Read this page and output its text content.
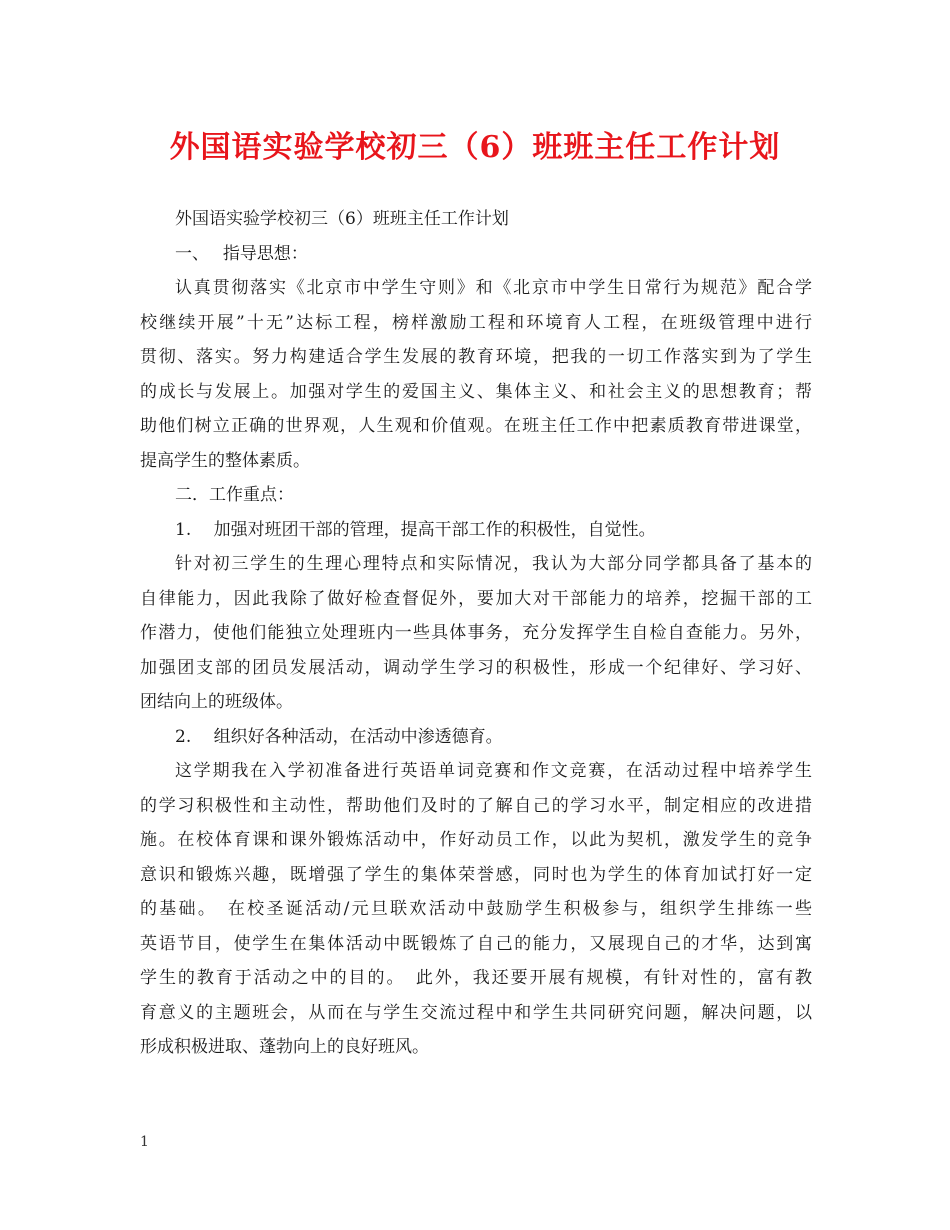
外国语实验学校初三（6）班班主任工作计划
外国语实验学校初三（6）班班主任工作计划
一、　 指导思想：
认真贯彻落实《北京市中学生守则》和《北京市中学生日常行为规范》配合学
校继续开展”十无”达标工程，榜样激励工程和环境育人工程，在班级管理中进行
贯彻、落实。努力构建适合学生发展的教育环境，把我的一切工作落实到为了学生
的成长与发展上。加强对学生的爱国主义、集体主义、和社会主义的思想教育；帮
助他们树立正确的世界观，人生观和价值观。在班主任工作中把素质教育带进课堂，
提高学生的整体素质。
二．工作重点：
1.　 加强对班团干部的管理，提高干部工作的积极性，自觉性。
针对初三学生的生理心理特点和实际情况，我认为大部分同学都具备了基本的
自律能力，因此我除了做好检查督促外，要加大对干部能力的培养，挖掘干部的工
作潜力，使他们能独立处理班内一些具体事务，充分发挥学生自检自查能力。另外，
加强团支部的团员发展活动，调动学生学习的积极性，形成一个纪律好、学习好、
团结向上的班级体。
2.　 组织好各种活动，在活动中渗透德育。
这学期我在入学初准备进行英语单词竞赛和作文竞赛，在活动过程中培养学生
的学习积极性和主动性，帮助他们及时的了解自己的学习水平，制定相应的改进措
施。在校体育课和课外锻炼活动中，作好动员工作，以此为契机，激发学生的竞争
意识和锻炼兴趣，既增强了学生的集体荣誉感，同时也为学生的体育加试打好一定
的基础。　在校圣诞活动/元旦联欢活动中鼓励学生积极参与，组织学生排练一些
英语节目，使学生在集体活动中既锻炼了自己的能力，又展现自己的才华，达到寓
学生的教育于活动之中的目的。　此外，我还要开展有规模，有针对性的，富有教
育意义的主题班会，从而在与学生交流过程中和学生共同研究问题，解决问题，以
形成积极进取、蓬勃向上的良好班风。
1
